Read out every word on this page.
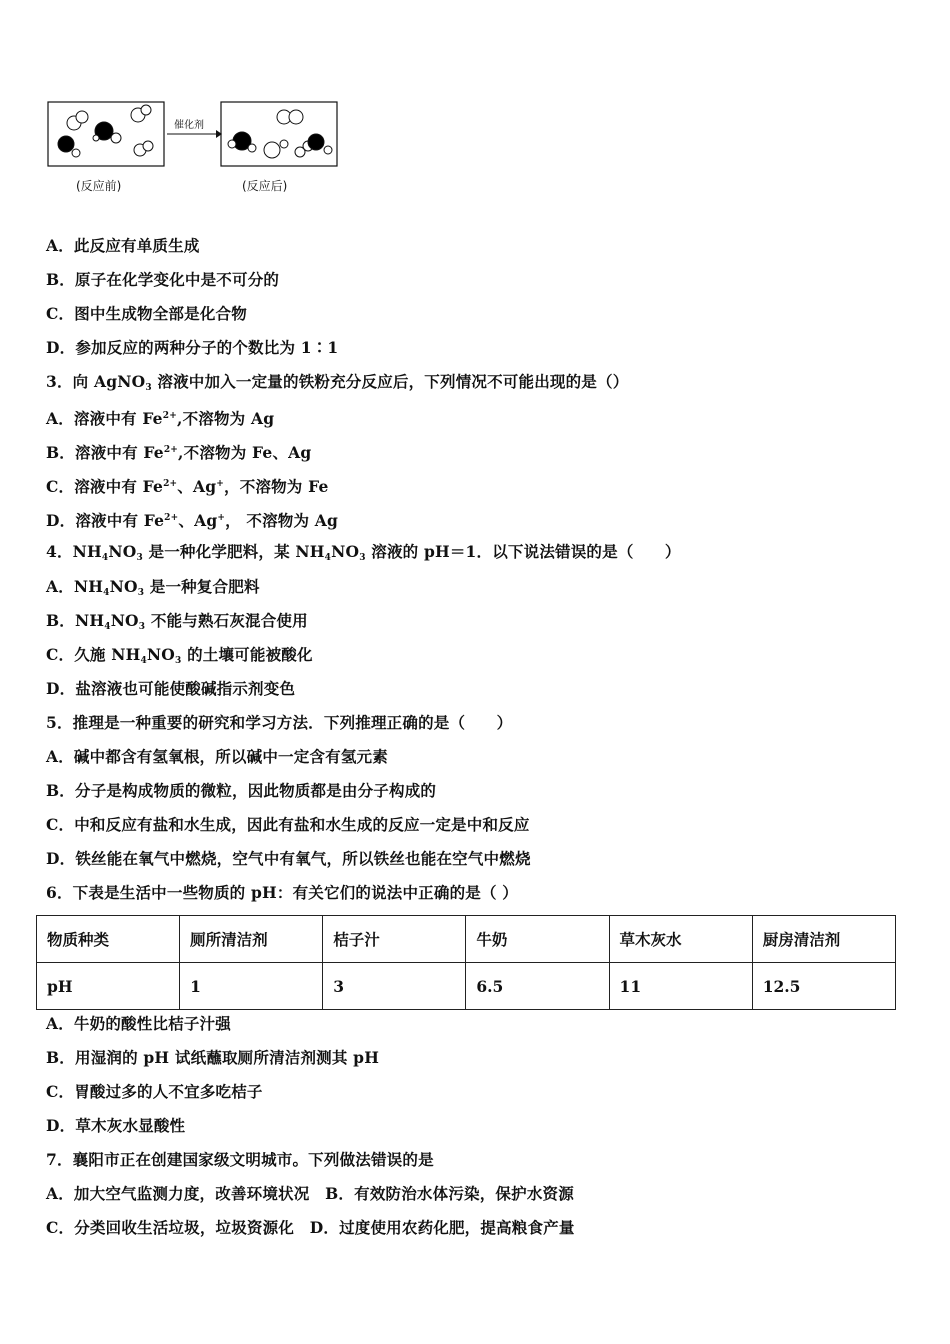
催化剂
(反应前)	(反应后)
A．此反应有单质生成
B．原子在化学变化中是不可分的
C．图中生成物全部是化合物
D．参加反应的两种分子的个数比为 1∶1
3．向 AgNO$_3$ 溶液中加入一定量的铁粉充分反应后，下列情况不可能出现的是（）
A．溶液中有 $Fe^{2+}$,不溶物为 Ag
B．溶液中有 $Fe^{2+}$,不溶物为 Fe、Ag
C．溶液中有 $Fe^{2+}$、Ag+，不溶物为 Fe
D．溶液中有 $Fe^{2+}$、Ag+， 不溶物为 Ag
4．$NH_4NO_3$ 是一种化学肥料，某 $NH_4NO_3$ 溶液的 pH＝1．以下说法错误的是（　　）
A．$NH_4NO_3$ 是一种复合肥料
B．$NH_4NO_3$ 不能与熟石灰混合使用
C．久施 $NH_4NO_3$ 的土壤可能被酸化
D．盐溶液也可能使酸碱指示剂变色
5．推理是一种重要的研究和学习方法．下列推理正确的是（　　）
A．碱中都含有氢氧根，所以碱中一定含有氢元素
B．分子是构成物质的微粒，因此物质都是由分子构成的
C．中和反应有盐和水生成，因此有盐和水生成的反应一定是中和反应
D．铁丝能在氧气中燃烧，空气中有氧气，所以铁丝也能在空气中燃烧
6．下表是生活中一些物质的 pH：有关它们的说法中正确的是（ ）
物质种类	厕所清洁剂	桔子汁	牛奶	草木灰水	厨房清洁剂
pH	1	3	6.5	11	12.5
A．牛奶的酸性比桔子汁强
B．用湿润的 pH 试纸蘸取厕所清洁剂测其 pH
C．胃酸过多的人不宜多吃桔子
D．草木灰水显酸性
7．襄阳市正在创建国家级文明城市。下列做法错误的是
A．加大空气监测力度，改善环境状况　B．有效防治水体污染，保护水资源
C．分类回收生活垃圾，垃圾资源化　D．过度使用农药化肥，提高粮食产量
